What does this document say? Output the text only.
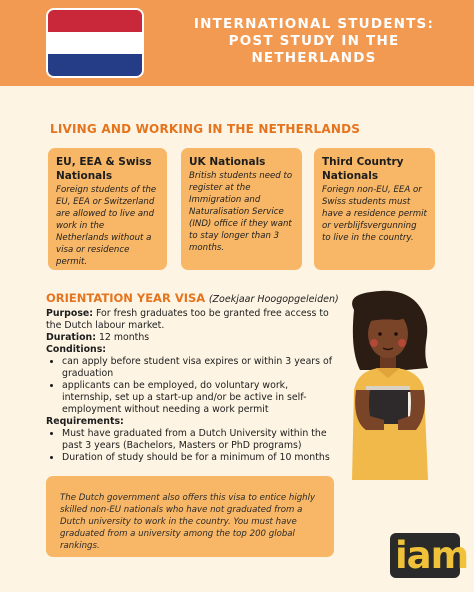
INTERNATIONAL STUDENTS:
POST STUDY IN THE
NETHERLANDS
LIVING AND WORKING IN THE NETHERLANDS
EU, EEA & Swiss Nationals

Foreign students of the EU, EEA or Switzerland are allowed to live and work in the Netherlands without a visa or residence permit.

UK Nationals

British students need to register at the Immigration and Naturalisation Service (IND) office if they want to stay longer than 3 months.

Third Country Nationals

Foriegn non-EU, EEA or Swiss students must have a residence permit or verblijfsvergunning to live in the country.

ORIENTATION YEAR VISA (Zoekjaar Hoogopgeleiden)
Purpose: For fresh graduates too be granted free access to the Dutch labour market.
Duration: 12 months
Conditions:
• can apply before student visa expires or within 3 years of graduation
• applicants can be employed, do voluntary work, internship, set up a start-up and/or be active in self-employment without needing a work permit
Requirements:
• Must have graduated from a Dutch University within the past 3 years (Bachelors, Masters or PhD programs)
• Duration of study should be for a minimum of 10 months

The Dutch government also offers this visa to entice highly skilled non-EU nationals who have not graduated from a Dutch university to work in the country. You must have graduated from a university among the top 200 global rankings.	iam
